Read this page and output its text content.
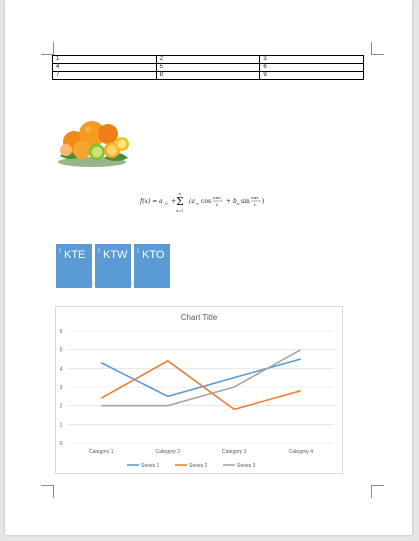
1	2	3
4	5	6
7	8	9
f(x) = a 0 +
∞
Σ
n=1
(a n cos
nπx
L + b n sin
nπx
L )
Text KTE	Text KTW	Text KTO
Chart Title
0
1
2
3
4
5
6
Category 1	Category 2	Category 3	Category 4
Series 1	Series 2	Series 3
